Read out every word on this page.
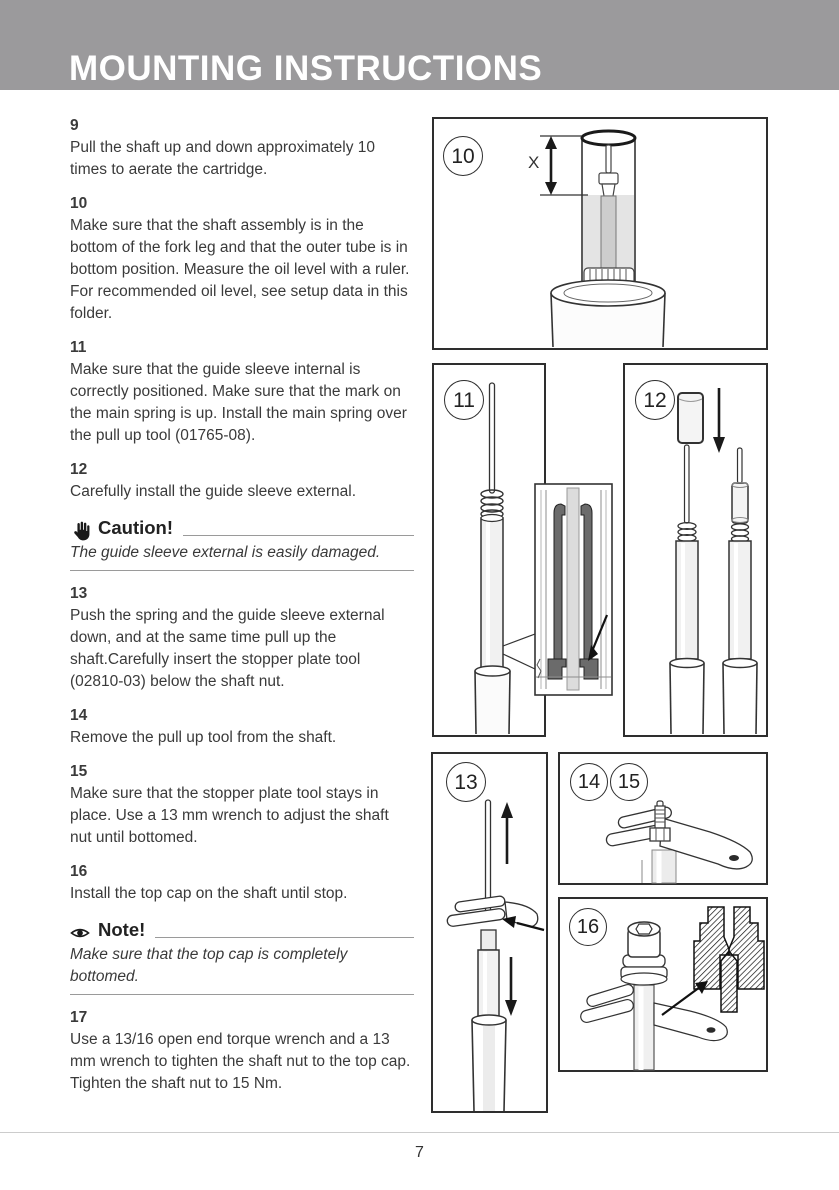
MOUNTING INSTRUCTIONS
9

Pull the shaft up and down approximately 10 times to aerate the cartridge.

10

Make sure that the shaft assembly is in the bottom of the fork leg and that the outer tube is in bottom position. Measure the oil level with a ruler. For recommended oil level, see setup data in this folder.

11

Make sure that the guide sleeve internal is correctly positioned. Make sure that the mark on the main spring is up. Install the main spring over the pull up tool (01765-08).

12

Carefully install the guide sleeve external.

Caution!
The guide sleeve external is easily damaged.
13

Push the spring and the guide sleeve external down, and at the same time pull up the shaft.Carefully insert the stopper plate tool (02810-03) below the shaft nut.

14

Remove the pull up tool from the shaft.

15

Make sure that the stopper plate tool stays in place. Use a 13 mm wrench to adjust the shaft nut until bottomed.

16

Install the top cap on the shaft until stop.

Note!
Make sure that the top cap is completely bottomed.
17

Use a 13/16 open end torque wrench and a 13 mm wrench to tighten the shaft nut to the top cap. Tighten the shaft nut to 15 Nm.

10	X
11	12
13	14 15
16
7
